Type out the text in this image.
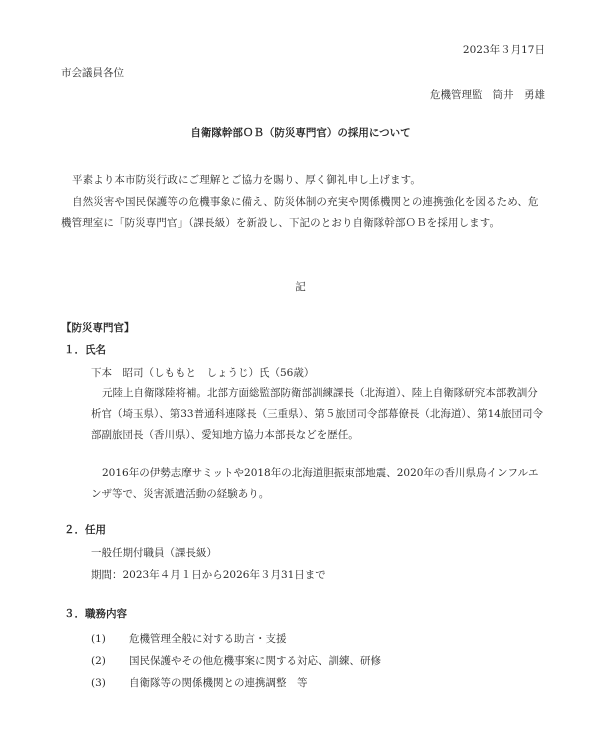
2023年３月17日
市会議員各位
危機管理監 筒井　勇雄
自衛隊幹部ＯＢ（防災専門官）の採用について
平素より本市防災行政にご理解とご協力を賜り、厚く御礼申し上げます。
自然災害や国民保護等の危機事象に備え、防災体制の充実や関係機関との連携強化を図るため、危機管理室に「防災専門官」（課長級）を新設し、下記のとおり自衛隊幹部ＯＢを採用します。
記
【防災専門官】
１．氏名
下本　昭司（しももと　しょうじ）氏（56歳）
元陸上自衛隊陸将補。北部方面総監部防衛部訓練課長（北海道）、陸上自衛隊研究本部教訓分析官（埼玉県）、第33普通科連隊長（三重県）、第５旅団司令部幕僚長（北海道）、第14旅団司令部副旅団長（香川県）、愛知地方協力本部長などを歴任。
2016年の伊勢志摩サミットや2018年の北海道胆振東部地震、2020年の香川県鳥インフルエンザ等で、災害派遣活動の経験あり。
２．任用
一般任期付職員（課長級）
期間：2023年４月１日から2026年３月31日まで
３．職務内容
(1)	危機管理全般に対する助言・支援
(2)	国民保護やその他危機事案に関する対応、訓練、研修
(3)	自衛隊等の関係機関との連携調整　等
